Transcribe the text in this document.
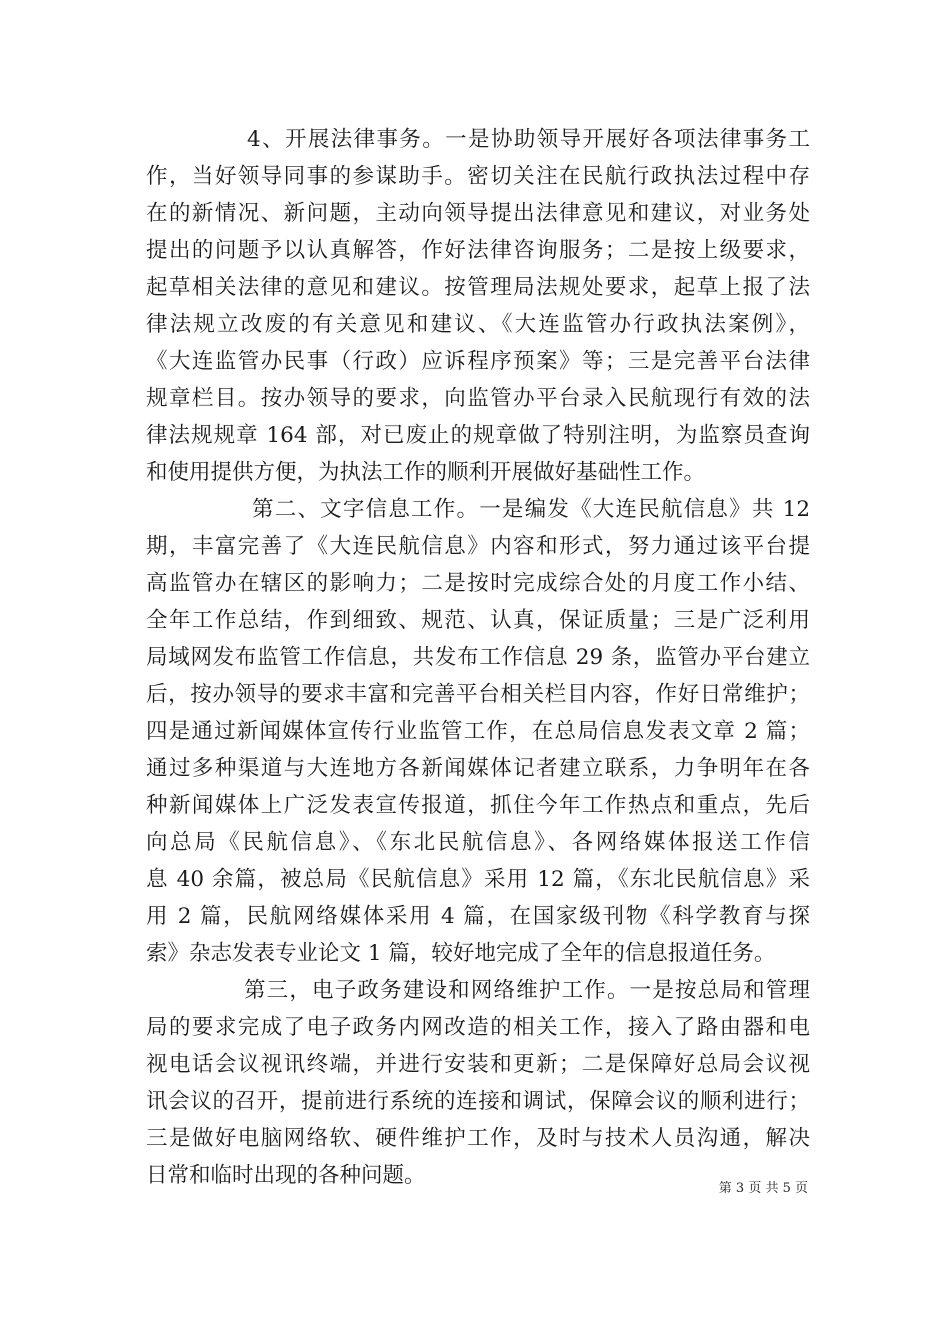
4、开展法律事务。一是协助领导开展好各项法律事务工
作，当好领导同事的参谋助手。密切关注在民航行政执法过程中存
在的新情况、新问题，主动向领导提出法律意见和建议，对业务处
提出的问题予以认真解答，作好法律咨询服务；二是按上级要求，
起草相关法律的意见和建议。按管理局法规处要求，起草上报了法
律法规立改废的有关意见和建议、《大连监管办行政执法案例》，
《大连监管办民事（行政）应诉程序预案》等；三是完善平台法律
规章栏目。按办领导的要求，向监管办平台录入民航现行有效的法
律法规规章 164 部，对已废止的规章做了特别注明，为监察员查询
和使用提供方便，为执法工作的顺利开展做好基础性工作。
第二、文字信息工作。一是编发《大连民航信息》共 12
期，丰富完善了《大连民航信息》内容和形式，努力通过该平台提
高监管办在辖区的影响力；二是按时完成综合处的月度工作小结、
全年工作总结，作到细致、规范、认真，保证质量；三是广泛利用
局域网发布监管工作信息，共发布工作信息 29 条，监管办平台建立
后，按办领导的要求丰富和完善平台相关栏目内容，作好日常维护；
四是通过新闻媒体宣传行业监管工作，在总局信息发表文章 2 篇；
通过多种渠道与大连地方各新闻媒体记者建立联系，力争明年在各
种新闻媒体上广泛发表宣传报道，抓住今年工作热点和重点，先后
向总局《民航信息》、《东北民航信息》、各网络媒体报送工作信
息 40 余篇，被总局《民航信息》采用 12 篇，《东北民航信息》采
用 2 篇，民航网络媒体采用 4 篇，在国家级刊物《科学教育与探
索》杂志发表专业论文 1 篇，较好地完成了全年的信息报道任务。
第三，电子政务建设和网络维护工作。一是按总局和管理
局的要求完成了电子政务内网改造的相关工作，接入了路由器和电
视电话会议视讯终端，并进行安装和更新；二是保障好总局会议视
讯会议的召开，提前进行系统的连接和调试，保障会议的顺利进行；
三是做好电脑网络软、硬件维护工作，及时与技术人员沟通，解决
日常和临时出现的各种问题。
第 3 页 共 5 页
